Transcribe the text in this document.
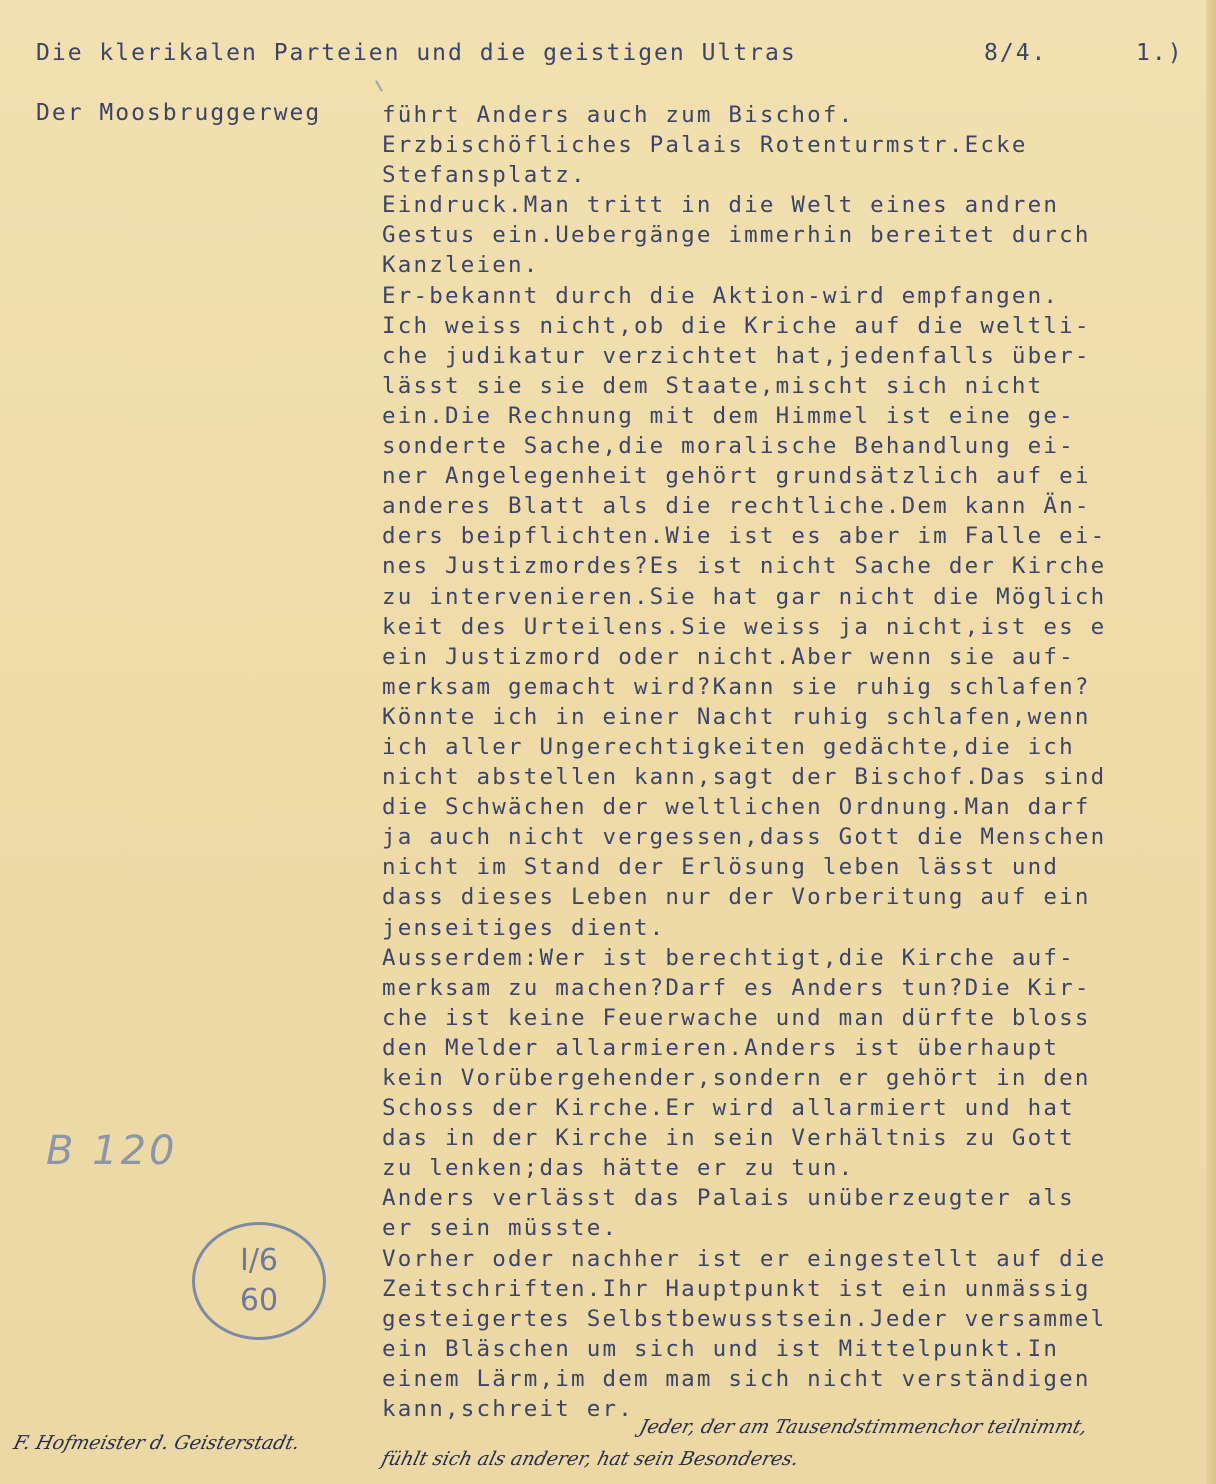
Die klerikalen Parteien und die geistigen Ultras

	8/4.

	1.)

Der Moosbruggerweg	führt Anders auch zum Bischof.
Erzbischöfliches Palais Rotenturmstr.Ecke
Stefansplatz.
Eindruck.Man tritt in die Welt eines andren
Gestus ein.Uebergänge immerhin bereitet durch
Kanzleien.
Er-bekannt durch die Aktion-wird empfangen.
Ich weiss nicht,ob die Kriche auf die weltli-
che judikatur verzichtet hat,jedenfalls über-
lässt sie sie dem Staate,mischt sich nicht
ein.Die Rechnung mit dem Himmel ist eine ge-
sonderte Sache,die moralische Behandlung ei-
ner Angelegenheit gehört grundsätzlich auf ei
anderes Blatt als die rechtliche.Dem kann Än-
ders beipflichten.Wie ist es aber im Falle ei-
nes Justizmordes?Es ist nicht Sache der Kirche
zu intervenieren.Sie hat gar nicht die Möglich
keit des Urteilens.Sie weiss ja nicht,ist es e
ein Justizmord oder nicht.Aber wenn sie auf-
merksam gemacht wird?Kann sie ruhig schlafen?
Könnte ich in einer Nacht ruhig schlafen,wenn
ich aller Ungerechtigkeiten gedächte,die ich
nicht abstellen kann,sagt der Bischof.Das sind
die Schwächen der weltlichen Ordnung.Man darf
ja auch nicht vergessen,dass Gott die Menschen
nicht im Stand der Erlösung leben lässt und
dass dieses Leben nur der Vorberitung auf ein
jenseitiges dient.
Ausserdem:Wer ist berechtigt,die Kirche auf-
merksam zu machen?Darf es Anders tun?Die Kir-
che ist keine Feuerwache und man dürfte bloss
den Melder allarmieren.Anders ist überhaupt
kein Vorübergehender,sondern er gehört in den
Schoss der Kirche.Er wird allarmiert und hat
das in der Kirche in sein Verhältnis zu Gott
zu lenken;das hätte er zu tun.
Anders verlässt das Palais unüberzeugter als
er sein müsste.
Vorher oder nachher ist er eingestellt auf die
Zeitschriften.Ihr Hauptpunkt ist ein unmässig
gesteigertes Selbstbewusstsein.Jeder versammel
ein Bläschen um sich und ist Mittelpunkt.In
einem Lärm,im dem mam sich nicht verständigen
kann,schreit er.
B 120
I/6
60
F. Hofmeister d. Geisterstadt.
Jeder, der am Tausendstimmenchor teilnimmt,
fühlt sich als anderer, hat sein Besonderes.
